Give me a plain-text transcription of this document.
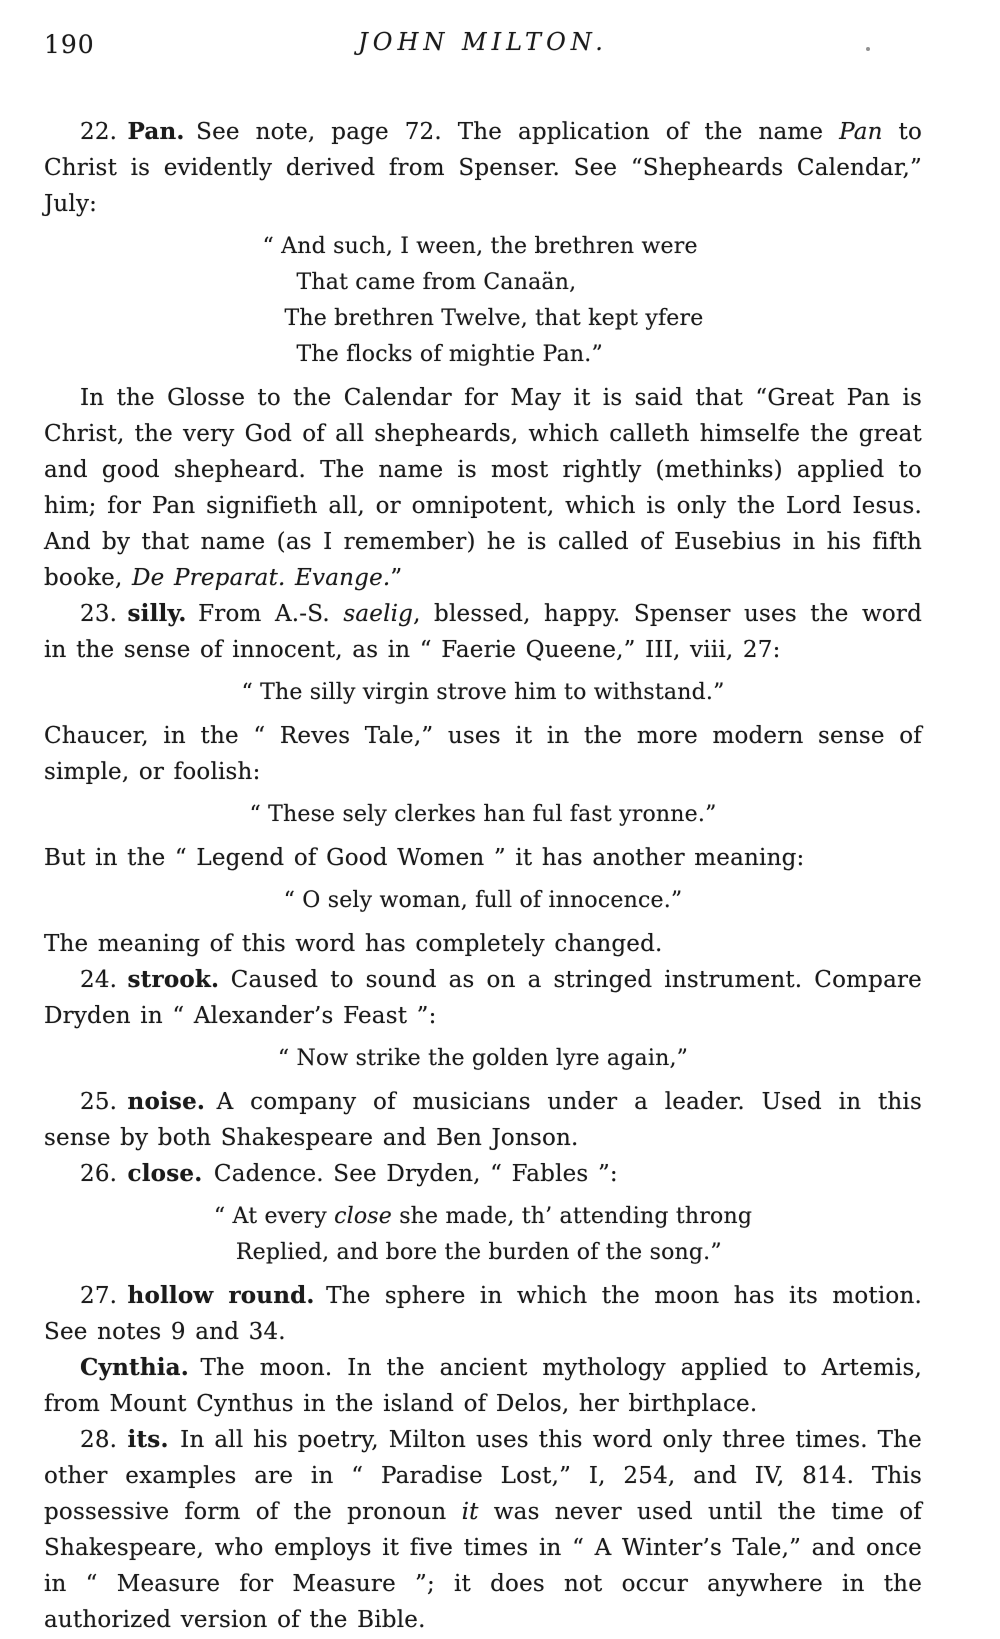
190	JOHN MILTON.

22. Pan. See note, page 72. The application of the name Pan to Christ is evidently derived from Spenser. See “Shepheards Calendar,” July:

“ And such, I ween, the brethren were
That came from Canaän,
The brethren Twelve, that kept yfere
The flocks of mightie Pan.”

In the Glosse to the Calendar for May it is said that “Great Pan is Christ, the very God of all shepheards, which calleth himselfe the great and good shepheard. The name is most rightly (methinks) applied to him; for Pan signifieth all, or omnipotent, which is only the Lord Iesus. And by that name (as I remember) he is called of Eusebius in his fifth booke, De Preparat. Evange.”

23. silly. From A.-S. saelig, blessed, happy. Spenser uses the word in the sense of innocent, as in “ Faerie Queene,” III, viii, 27:

“ The silly virgin strove him to withstand.”

Chaucer, in the “ Reves Tale,” uses it in the more modern sense of simple, or foolish:

“ These sely clerkes han ful fast yronne.”

But in the “ Legend of Good Women ” it has another meaning:

“ O sely woman, full of innocence.”

The meaning of this word has completely changed.

24. strook. Caused to sound as on a stringed instrument. Compare Dryden in “ Alexander’s Feast ”:

“ Now strike the golden lyre again,”

25. noise. A company of musicians under a leader. Used in this sense by both Shakespeare and Ben Jonson.

26. close. Cadence. See Dryden, “ Fables ”:

“ At every close she made, th’ attending throng
Replied, and bore the burden of the song.”

27. hollow round. The sphere in which the moon has its motion. See notes 9 and 34.

Cynthia. The moon. In the ancient mythology applied to Artemis, from Mount Cynthus in the island of Delos, her birthplace.

28. its. In all his poetry, Milton uses this word only three times. The other examples are in “ Paradise Lost,” I, 254, and IV, 814. This possessive form of the pronoun it was never used until the time of Shakespeare, who employs it five times in “ A Winter’s Tale,” and once in “ Measure for Measure ”; it does not occur anywhere in the authorized version of the Bible.
